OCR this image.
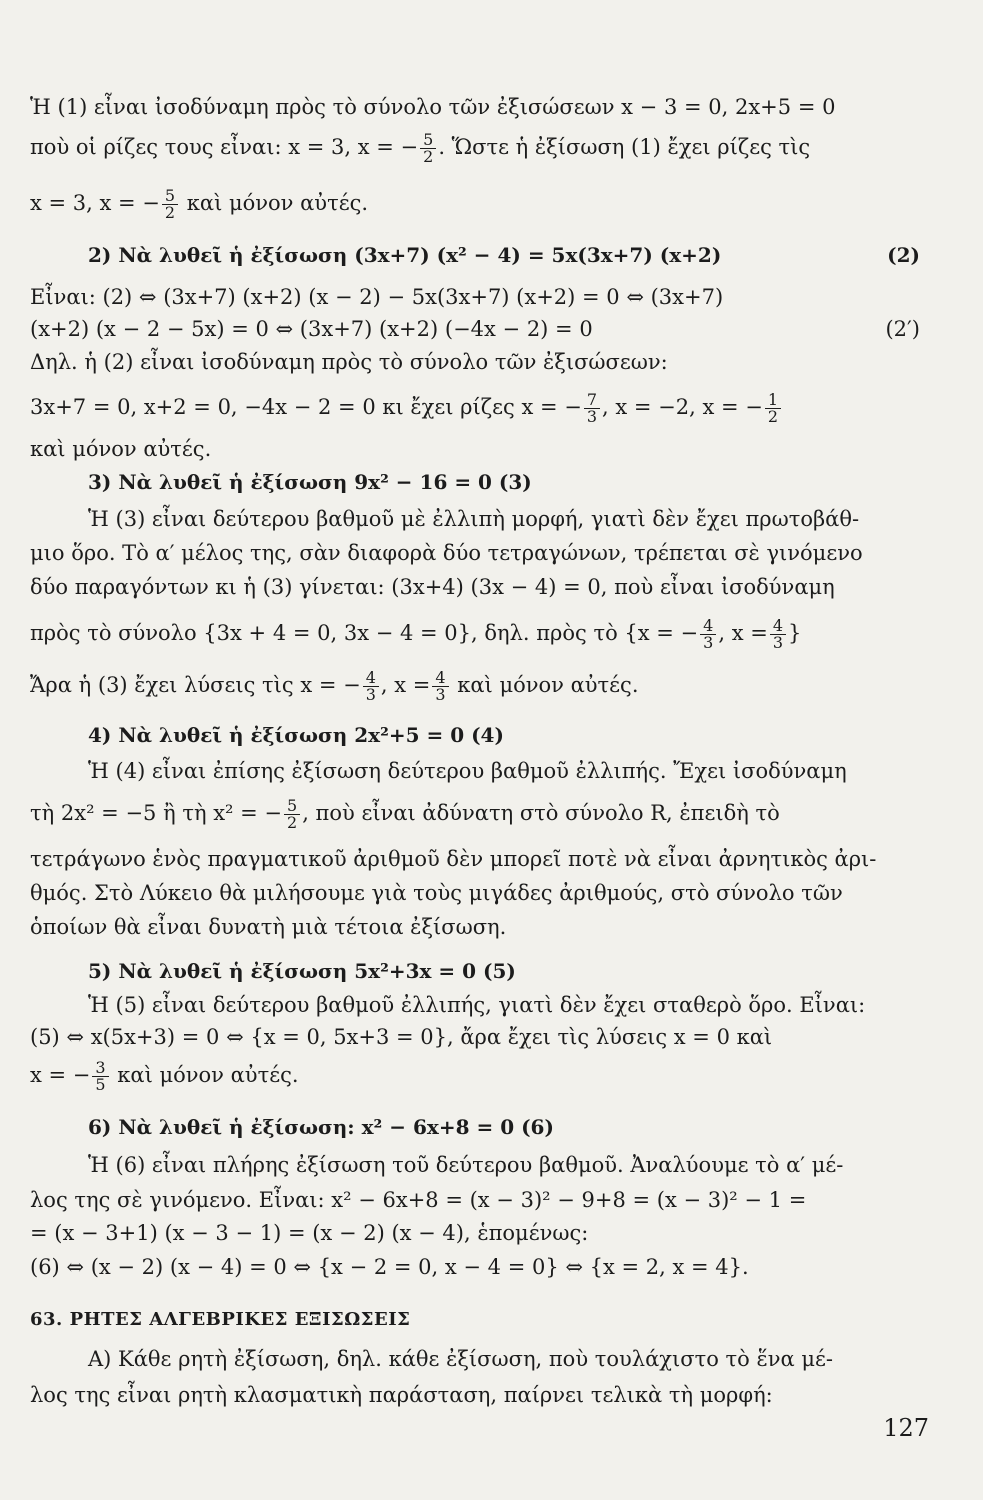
Ἡ (1) εἶναι ἰσοδύναμη πρὸς τὸ σύνολο τῶν ἐξισώσεων x − 3 = 0, 2x+5 = 0
ποὺ οἱ ρίζες τους εἶναι: x = 3, x = − $\frac{5}{2}$ . Ὥστε ἡ ἐξίσωση (1) ἔχει ρίζες τὶς
x = 3, x = − $\frac{5}{2}$ καὶ μόνον αὐτές.
2) Νὰ λυθεῖ ἡ ἐξίσωση (3x+7) (x² − 4) = 5x(3x+7) (x+2)	(2)
Εἶναι: (2) ⇔ (3x+7) (x+2) (x − 2) − 5x(3x+7) (x+2) = 0 ⇔ (3x+7)
(x+2) (x − 2 − 5x) = 0 ⇔ (3x+7) (x+2) (−4x − 2) = 0	(2′)
Δηλ. ἡ (2) εἶναι ἰσοδύναμη πρὸς τὸ σύνολο τῶν ἐξισώσεων:
3x+7 = 0, x+2 = 0, −4x − 2 = 0 κι ἔχει ρίζες x = − $\frac{7}{3}$ , x = −2, x = − $\frac{1}{2}$
καὶ μόνον αὐτές.
3) Νὰ λυθεῖ ἡ ἐξίσωση 9x² − 16 = 0 (3)
Ἡ (3) εἶναι δεύτερου βαθμοῦ μὲ ἐλλιπὴ μορφή, γιατὶ δὲν ἔχει πρωτοβάθ-
μιο ὅρο. Τὸ α′ μέλος της, σὰν διαφορὰ δύο τετραγώνων, τρέπεται σὲ γινόμενο
δύο παραγόντων κι ἡ (3) γίνεται: (3x+4) (3x − 4) = 0, ποὺ εἶναι ἰσοδύναμη
πρὸς τὸ σύνολο {3x + 4 = 0, 3x − 4 = 0}, δηλ. πρὸς τὸ {x = − $\frac{4}{3}$ , $x = \frac{4}{3}$ }
Ἄρα ἡ (3) ἔχει λύσεις τὶς x = − $\frac{4}{3}$ , $x = \frac{4}{3}$ καὶ μόνον αὐτές.
4) Νὰ λυθεῖ ἡ ἐξίσωση 2x²+5 = 0 (4)
Ἡ (4) εἶναι ἐπίσης ἐξίσωση δεύτερου βαθμοῦ ἐλλιπής. Ἔχει ἰσοδύναμη
τὴ 2x² = −5 ἢ τὴ x² = − $\frac{5}{2}$ , ποὺ εἶναι ἀδύνατη στὸ σύνολο R, ἐπειδὴ τὸ
τετράγωνο ἑνὸς πραγματικοῦ ἀριθμοῦ δὲν μπορεῖ ποτὲ νὰ εἶναι ἀρνητικὸς ἀρι-
θμός. Στὸ Λύκειο θὰ μιλήσουμε γιὰ τοὺς μιγάδες ἀριθμούς, στὸ σύνολο τῶν
ὁποίων θὰ εἶναι δυνατὴ μιὰ τέτοια ἐξίσωση.
5) Νὰ λυθεῖ ἡ ἐξίσωση 5x²+3x = 0 (5)
Ἡ (5) εἶναι δεύτερου βαθμοῦ ἐλλιπής, γιατὶ δὲν ἔχει σταθερὸ ὅρο. Εἶναι:
(5) ⇔ x(5x+3) = 0 ⇔ {x = 0, 5x+3 = 0}, ἄρα ἔχει τὶς λύσεις x = 0 καὶ
x = − $\frac{3}{5}$ καὶ μόνον αὐτές.
6) Νὰ λυθεῖ ἡ ἐξίσωση: x² − 6x+8 = 0 (6)
Ἡ (6) εἶναι πλήρης ἐξίσωση τοῦ δεύτερου βαθμοῦ. Ἀναλύουμε τὸ α′ μέ-
λος της σὲ γινόμενο. Εἶναι: x² − 6x+8 = (x − 3)² − 9+8 = (x − 3)² − 1 =
= (x − 3+1) (x − 3 − 1) = (x − 2) (x − 4), ἑπομένως:
(6) ⇔ (x − 2) (x − 4) = 0 ⇔ {x − 2 = 0, x − 4 = 0} ⇔ {x = 2, x = 4}.
63. ΡΗΤΕΣ ΑΛΓΕΒΡΙΚΕΣ ΕΞΙΣΩΣΕΙΣ
Α) Κάθε ρητὴ ἐξίσωση, δηλ. κάθε ἐξίσωση, ποὺ τουλάχιστο τὸ ἕνα μέ-
λος της εἶναι ρητὴ κλασματικὴ παράσταση, παίρνει τελικὰ τὴ μορφή:
127
